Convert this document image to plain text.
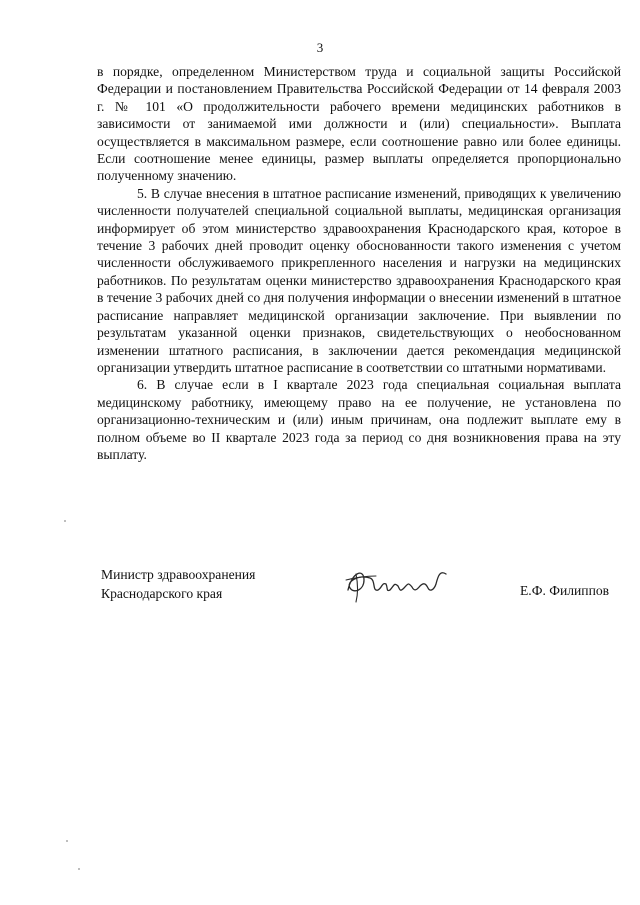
3

в порядке, определенном Министерством труда и социальной защиты Российской Федерации и постановлением Правительства Российской Федерации от 14 февраля 2003 г. № 101 «О продолжительности рабочего времени медицинских работников в зависимости от занимаемой ими должности и (или) специальности». Выплата осуществляется в максимальном размере, если соотношение равно или более единицы. Если соотношение менее единицы, размер выплаты определяется пропорционально полученному значению.

5. В случае внесения в штатное расписание изменений, приводящих к увеличению численности получателей специальной социальной выплаты, медицинская организация информирует об этом министерство здравоохранения Краснодарского края, которое в течение 3 рабочих дней проводит оценку обоснованности такого изменения с учетом численности обслуживаемого прикрепленного населения и нагрузки на медицинских работников. По результатам оценки министерство здравоохранения Краснодарского края в течение 3 рабочих дней со дня получения информации о внесении изменений в штатное расписание направляет медицинской организации заключение. При выявлении по результатам указанной оценки признаков, свидетельствующих о необоснованном изменении штатного расписания, в заключении дается рекомендация медицинской организации утвердить штатное расписание в соответствии со штатными нормативами.

6. В случае если в I квартале 2023 года специальная социальная выплата медицинскому работнику, имеющему право на ее получение, не установлена по организационно-техническим и (или) иным причинам, она подлежит выплате ему в полном объеме во II квартале 2023 года за период со дня возникновения права на эту выплату.

Министр здравоохранения
Краснодарского края	Е.Ф. Филиппов
